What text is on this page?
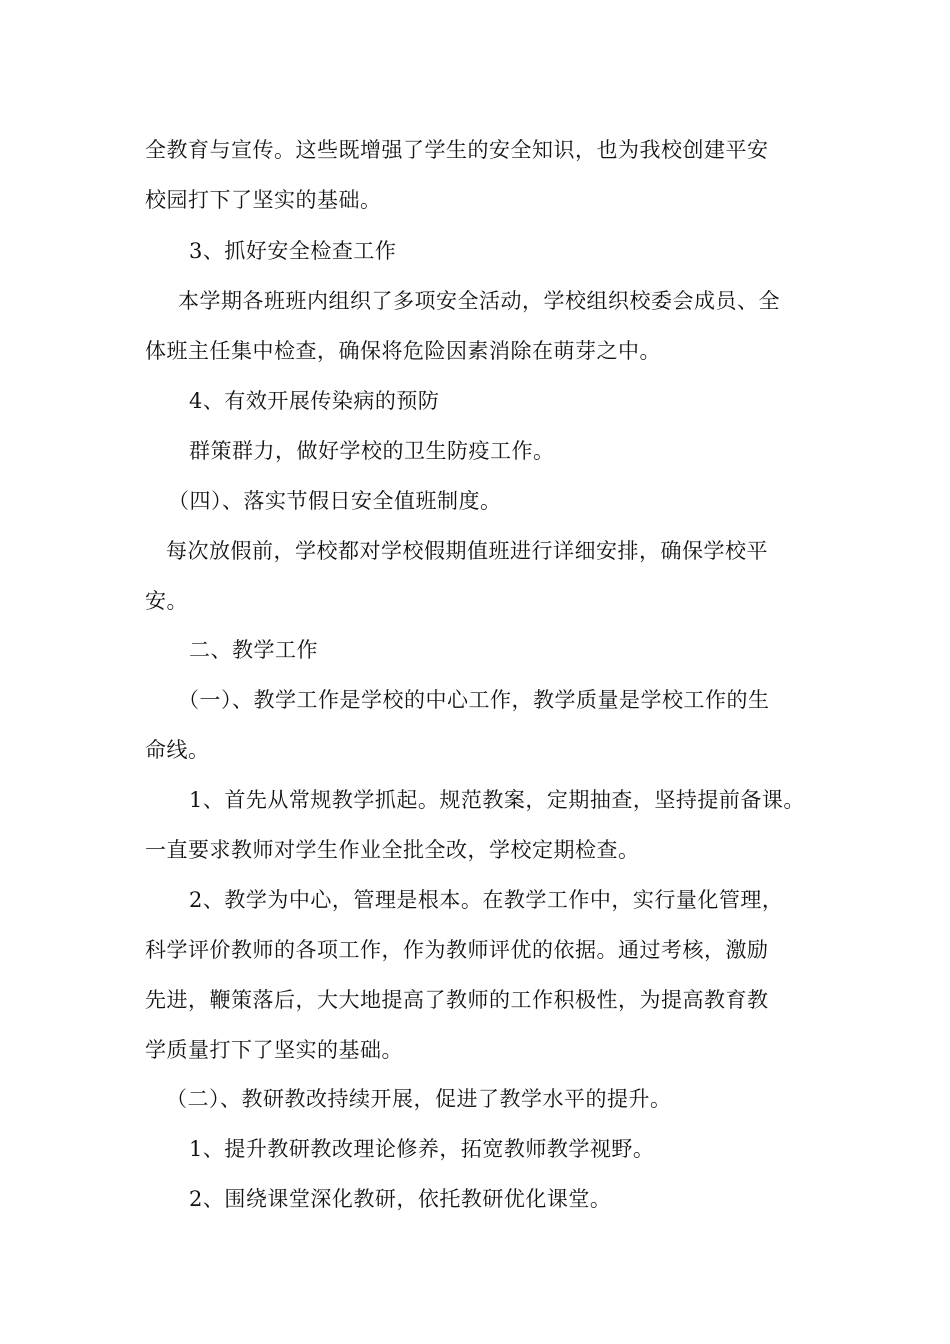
全教育与宣传。这些既增强了学生的安全知识，也为我校创建平安
校园打下了坚实的基础。
3、抓好安全检查工作
本学期各班班内组织了多项安全活动，学校组织校委会成员、全
体班主任集中检查，确保将危险因素消除在萌芽之中。
4、有效开展传染病的预防
群策群力，做好学校的卫生防疫工作。
（四）、落实节假日安全值班制度。
每次放假前，学校都对学校假期值班进行详细安排，确保学校平
安。
二、教学工作
（一）、教学工作是学校的中心工作，教学质量是学校工作的生
命线。
1、首先从常规教学抓起。规范教案，定期抽查，坚持提前备课。
一直要求教师对学生作业全批全改，学校定期检查。
2、教学为中心，管理是根本。在教学工作中，实行量化管理，
科学评价教师的各项工作，作为教师评优的依据。通过考核，激励
先进，鞭策落后，大大地提高了教师的工作积极性，为提高教育教
学质量打下了坚实的基础。
（二）、教研教改持续开展，促进了教学水平的提升。
1、提升教研教改理论修养，拓宽教师教学视野。
2、围绕课堂深化教研，依托教研优化课堂。
